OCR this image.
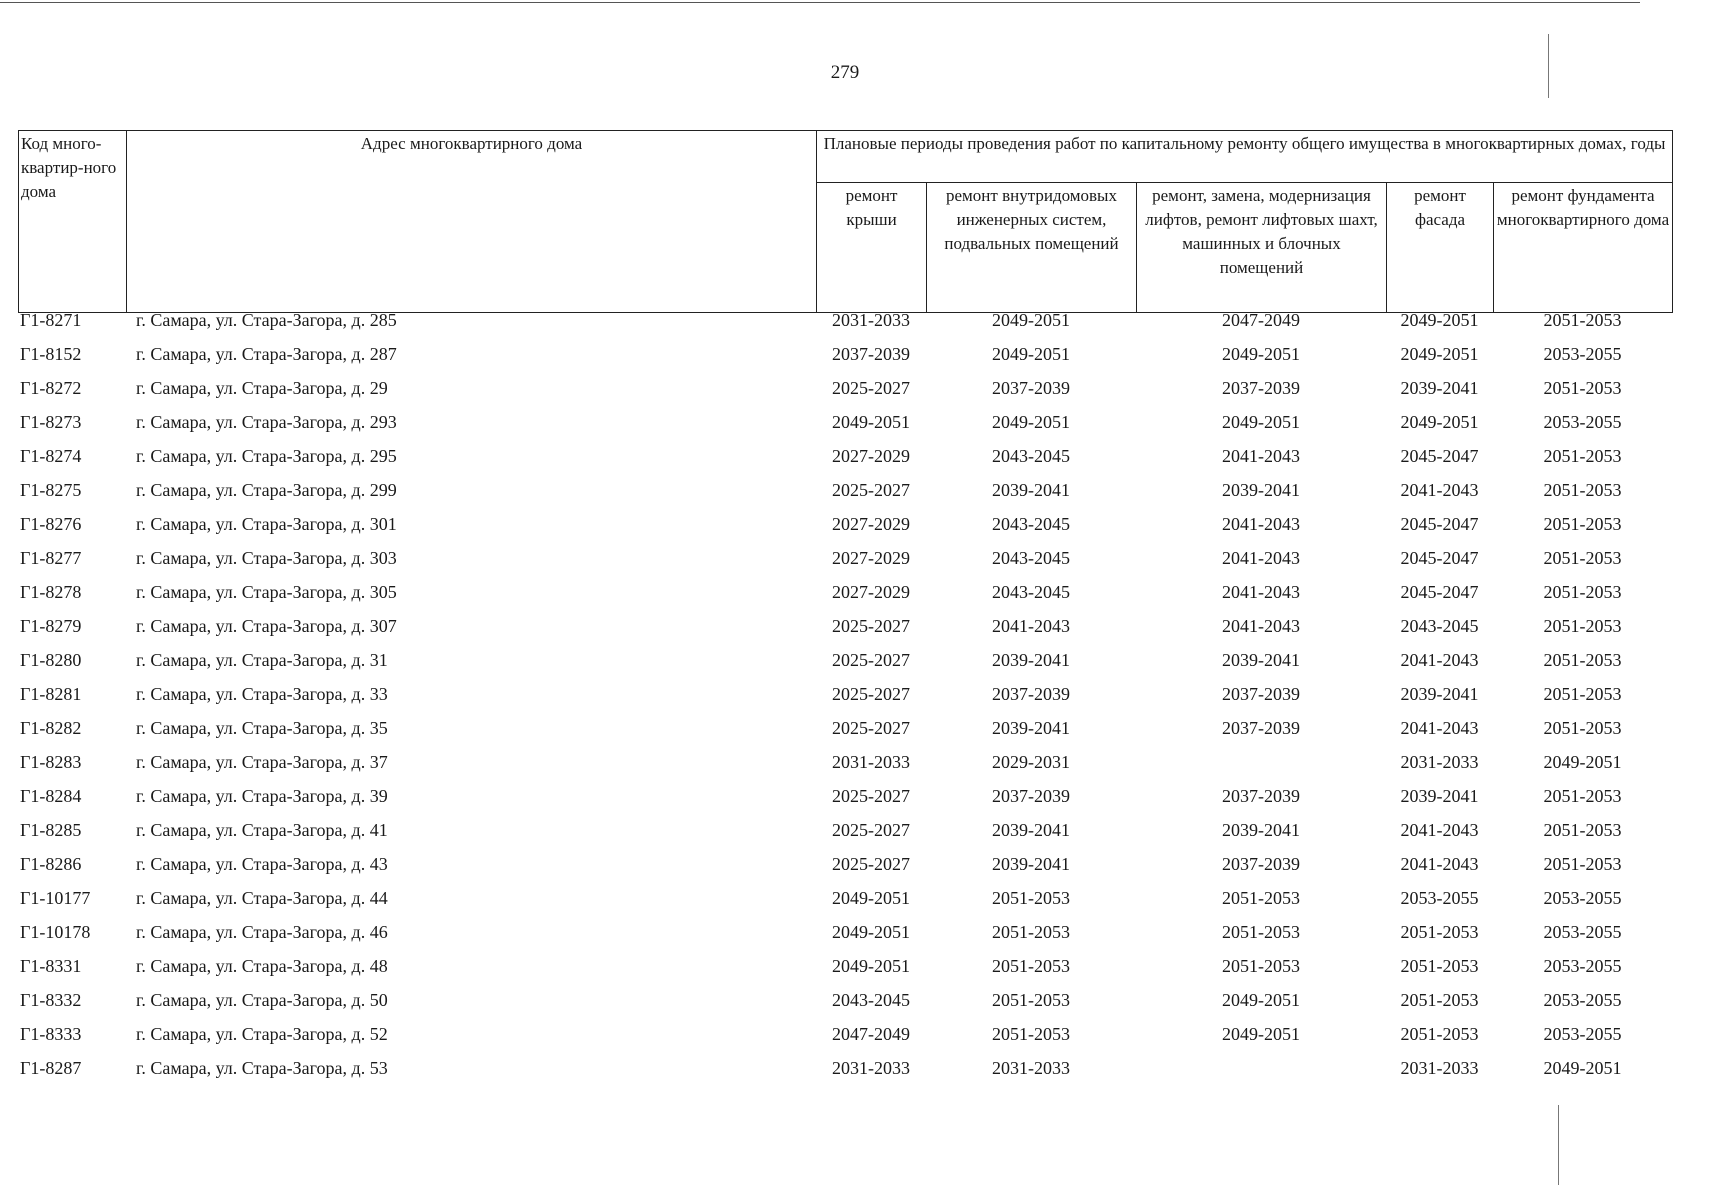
279
Код много-квартир-ного дома	Адрес многоквартирного дома	Плановые периоды проведения работ по капитальному ремонту общего имущества в многоквартирных домах, годы				
		ремонт крыши	ремонт внутридомовых инженерных систем, подвальных помещений	ремонт, замена, модернизация лифтов, ремонт лифтовых шахт, машинных и блочных помещений	ремонт фасада	ремонт фундамента многоквартирного дома
Г1-8271	г. Самара, ул. Стара-Загора, д. 285	2031-2033	2049-2051	2047-2049	2049-2051	2051-2053
Г1-8152	г. Самара, ул. Стара-Загора, д. 287	2037-2039	2049-2051	2049-2051	2049-2051	2053-2055
Г1-8272	г. Самара, ул. Стара-Загора, д. 29	2025-2027	2037-2039	2037-2039	2039-2041	2051-2053
Г1-8273	г. Самара, ул. Стара-Загора, д. 293	2049-2051	2049-2051	2049-2051	2049-2051	2053-2055
Г1-8274	г. Самара, ул. Стара-Загора, д. 295	2027-2029	2043-2045	2041-2043	2045-2047	2051-2053
Г1-8275	г. Самара, ул. Стара-Загора, д. 299	2025-2027	2039-2041	2039-2041	2041-2043	2051-2053
Г1-8276	г. Самара, ул. Стара-Загора, д. 301	2027-2029	2043-2045	2041-2043	2045-2047	2051-2053
Г1-8277	г. Самара, ул. Стара-Загора, д. 303	2027-2029	2043-2045	2041-2043	2045-2047	2051-2053
Г1-8278	г. Самара, ул. Стара-Загора, д. 305	2027-2029	2043-2045	2041-2043	2045-2047	2051-2053
Г1-8279	г. Самара, ул. Стара-Загора, д. 307	2025-2027	2041-2043	2041-2043	2043-2045	2051-2053
Г1-8280	г. Самара, ул. Стара-Загора, д. 31	2025-2027	2039-2041	2039-2041	2041-2043	2051-2053
Г1-8281	г. Самара, ул. Стара-Загора, д. 33	2025-2027	2037-2039	2037-2039	2039-2041	2051-2053
Г1-8282	г. Самара, ул. Стара-Загора, д. 35	2025-2027	2039-2041	2037-2039	2041-2043	2051-2053
Г1-8283	г. Самара, ул. Стара-Загора, д. 37	2031-2033	2029-2031		2031-2033	2049-2051
Г1-8284	г. Самара, ул. Стара-Загора, д. 39	2025-2027	2037-2039	2037-2039	2039-2041	2051-2053
Г1-8285	г. Самара, ул. Стара-Загора, д. 41	2025-2027	2039-2041	2039-2041	2041-2043	2051-2053
Г1-8286	г. Самара, ул. Стара-Загора, д. 43	2025-2027	2039-2041	2037-2039	2041-2043	2051-2053
Г1-10177	г. Самара, ул. Стара-Загора, д. 44	2049-2051	2051-2053	2051-2053	2053-2055	2053-2055
Г1-10178	г. Самара, ул. Стара-Загора, д. 46	2049-2051	2051-2053	2051-2053	2051-2053	2053-2055
Г1-8331	г. Самара, ул. Стара-Загора, д. 48	2049-2051	2051-2053	2051-2053	2051-2053	2053-2055
Г1-8332	г. Самара, ул. Стара-Загора, д. 50	2043-2045	2051-2053	2049-2051	2051-2053	2053-2055
Г1-8333	г. Самара, ул. Стара-Загора, д. 52	2047-2049	2051-2053	2049-2051	2051-2053	2053-2055
Г1-8287	г. Самара, ул. Стара-Загора, д. 53	2031-2033	2031-2033		2031-2033	2049-2051
